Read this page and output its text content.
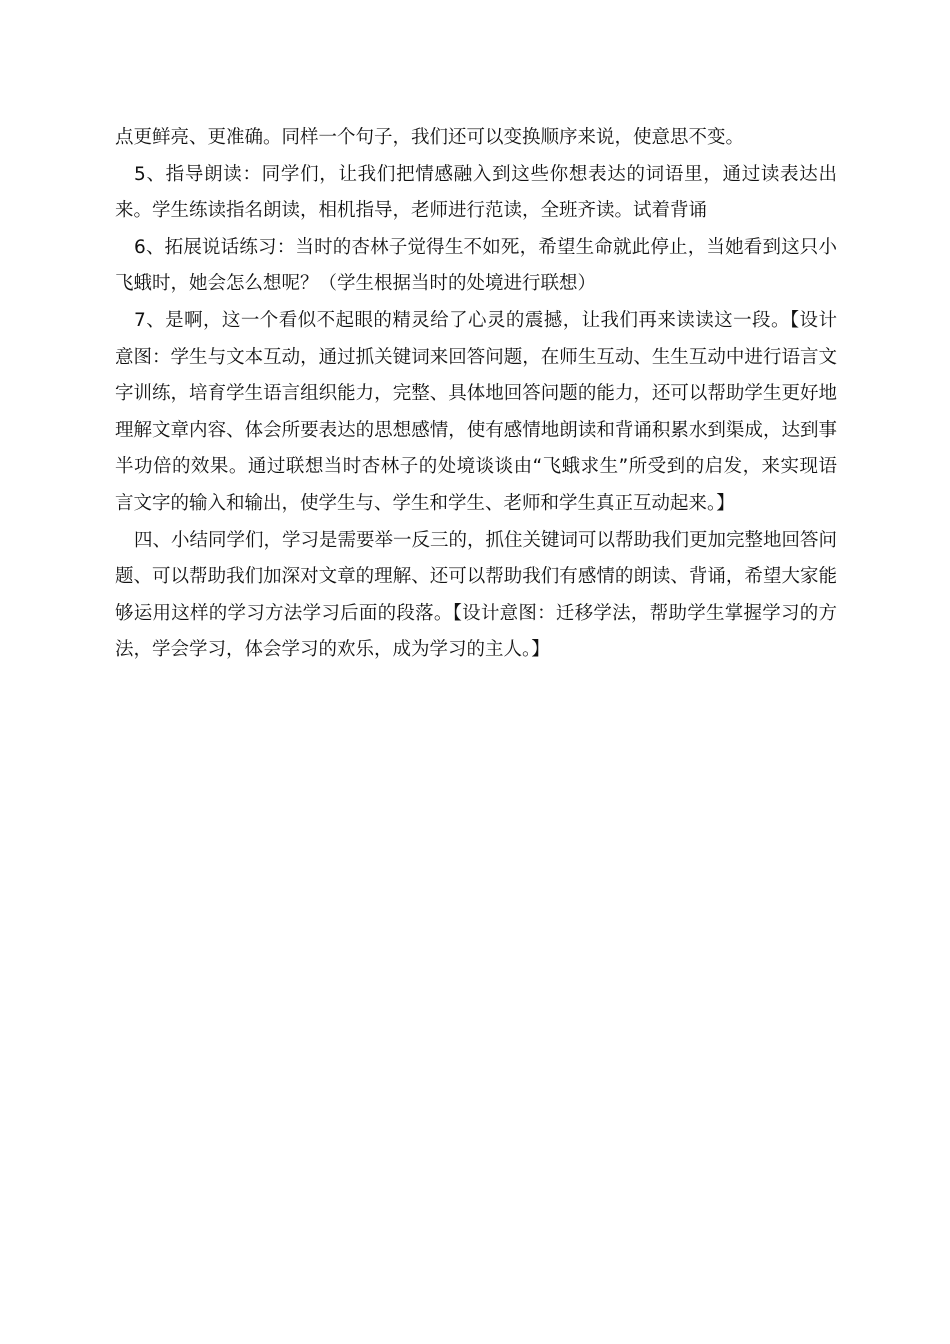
点更鲜亮、更准确。同样一个句子，我们还可以变换顺序来说，使意思不变。

5、指导朗读：同学们，让我们把情感融入到这些你想表达的词语里，通过读表达出来。学生练读指名朗读，相机指导，老师进行范读，全班齐读。试着背诵

6、拓展说话练习：当时的杏林子觉得生不如死，希望生命就此停止，当她看到这只小飞蛾时，她会怎么想呢？（学生根据当时的处境进行联想）

7、是啊，这一个看似不起眼的精灵给了心灵的震撼，让我们再来读读这一段。【设计意图：学生与文本互动，通过抓关键词来回答问题，在师生互动、生生互动中进行语言文字训练，培育学生语言组织能力，完整、具体地回答问题的能力，还可以帮助学生更好地理解文章内容、体会所要表达的思想感情，使有感情地朗读和背诵积累水到渠成，达到事半功倍的效果。通过联想当时杏林子的处境谈谈由“飞蛾求生”所受到的启发，来实现语言文字的输入和输出，使学生与、学生和学生、老师和学生真正互动起来。】

四、小结同学们，学习是需要举一反三的，抓住关键词可以帮助我们更加完整地回答问题、可以帮助我们加深对文章的理解、还可以帮助我们有感情的朗读、背诵，希望大家能够运用这样的学习方法学习后面的段落。【设计意图：迁移学法，帮助学生掌握学习的方法，学会学习，体会学习的欢乐，成为学习的主人。】
